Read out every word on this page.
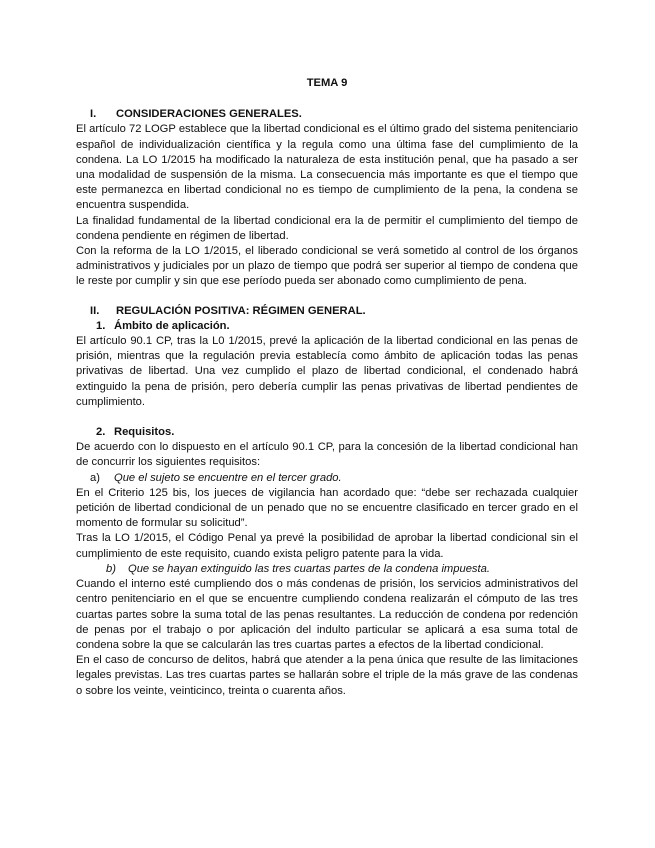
TEMA 9
I.	CONSIDERACIONES GENERALES.

El artículo 72 LOGP establece que la libertad condicional es el último grado del sistema penitenciario español de individualización científica y la regula como una última fase del cumplimiento de la condena. La LO 1/2015 ha modificado la naturaleza de esta institución penal, que ha pasado a ser una modalidad de suspensión de la misma. La consecuencia más importante es que el tiempo que este permanezca en libertad condicional no es tiempo de cumplimiento de la pena, la condena se encuentra suspendida.

La finalidad fundamental de la libertad condicional era la de permitir el cumplimiento del tiempo de condena pendiente en régimen de libertad.

Con la reforma de la LO 1/2015, el liberado condicional se verá sometido al control de los órganos administrativos y judiciales por un plazo de tiempo que podrá ser superior al tiempo de condena que le reste por cumplir y sin que ese período pueda ser abonado como cumplimiento de pena.

II.	REGULACIÓN POSITIVA: RÉGIMEN GENERAL.
1. Ámbito de aplicación.

El artículo 90.1 CP, tras la L0 1/2015, prevé la aplicación de la libertad condicional en las penas de prisión, mientras que la regulación previa establecía como ámbito de aplicación todas las penas privativas de libertad. Una vez cumplido el plazo de libertad condicional, el condenado habrá extinguido la pena de prisión, pero debería cumplir las penas privativas de libertad pendientes de cumplimiento.

2. Requisitos.

De acuerdo con lo dispuesto en el artículo 90.1 CP, para la concesión de la libertad condicional han de concurrir los siguientes requisitos:

a)	Que el sujeto se encuentre en el tercer grado.

En el Criterio 125 bis, los jueces de vigilancia han acordado que: “debe ser rechazada cualquier petición de libertad condicional de un penado que no se encuentre clasificado en tercer grado en el momento de formular su solicitud”.

Tras la LO 1/2015, el Código Penal ya prevé la posibilidad de aprobar la libertad condicional sin el cumplimiento de este requisito, cuando exista peligro patente para la vida.

b)	Que se hayan extinguido las tres cuartas partes de la condena impuesta.

Cuando el interno esté cumpliendo dos o más condenas de prisión, los servicios administrativos del centro penitenciario en el que se encuentre cumpliendo condena realizarán el cómputo de las tres cuartas partes sobre la suma total de las penas resultantes. La reducción de condena por redención de penas por el trabajo o por aplicación del indulto particular se aplicará a esa suma total de condena sobre la que se calcularán las tres cuartas partes a efectos de la libertad condicional.

En el caso de concurso de delitos, habrá que atender a la pena única que resulte de las limitaciones legales previstas. Las tres cuartas partes se hallarán sobre el triple de la más grave de las condenas o sobre los veinte, veinticinco, treinta o cuarenta años.
